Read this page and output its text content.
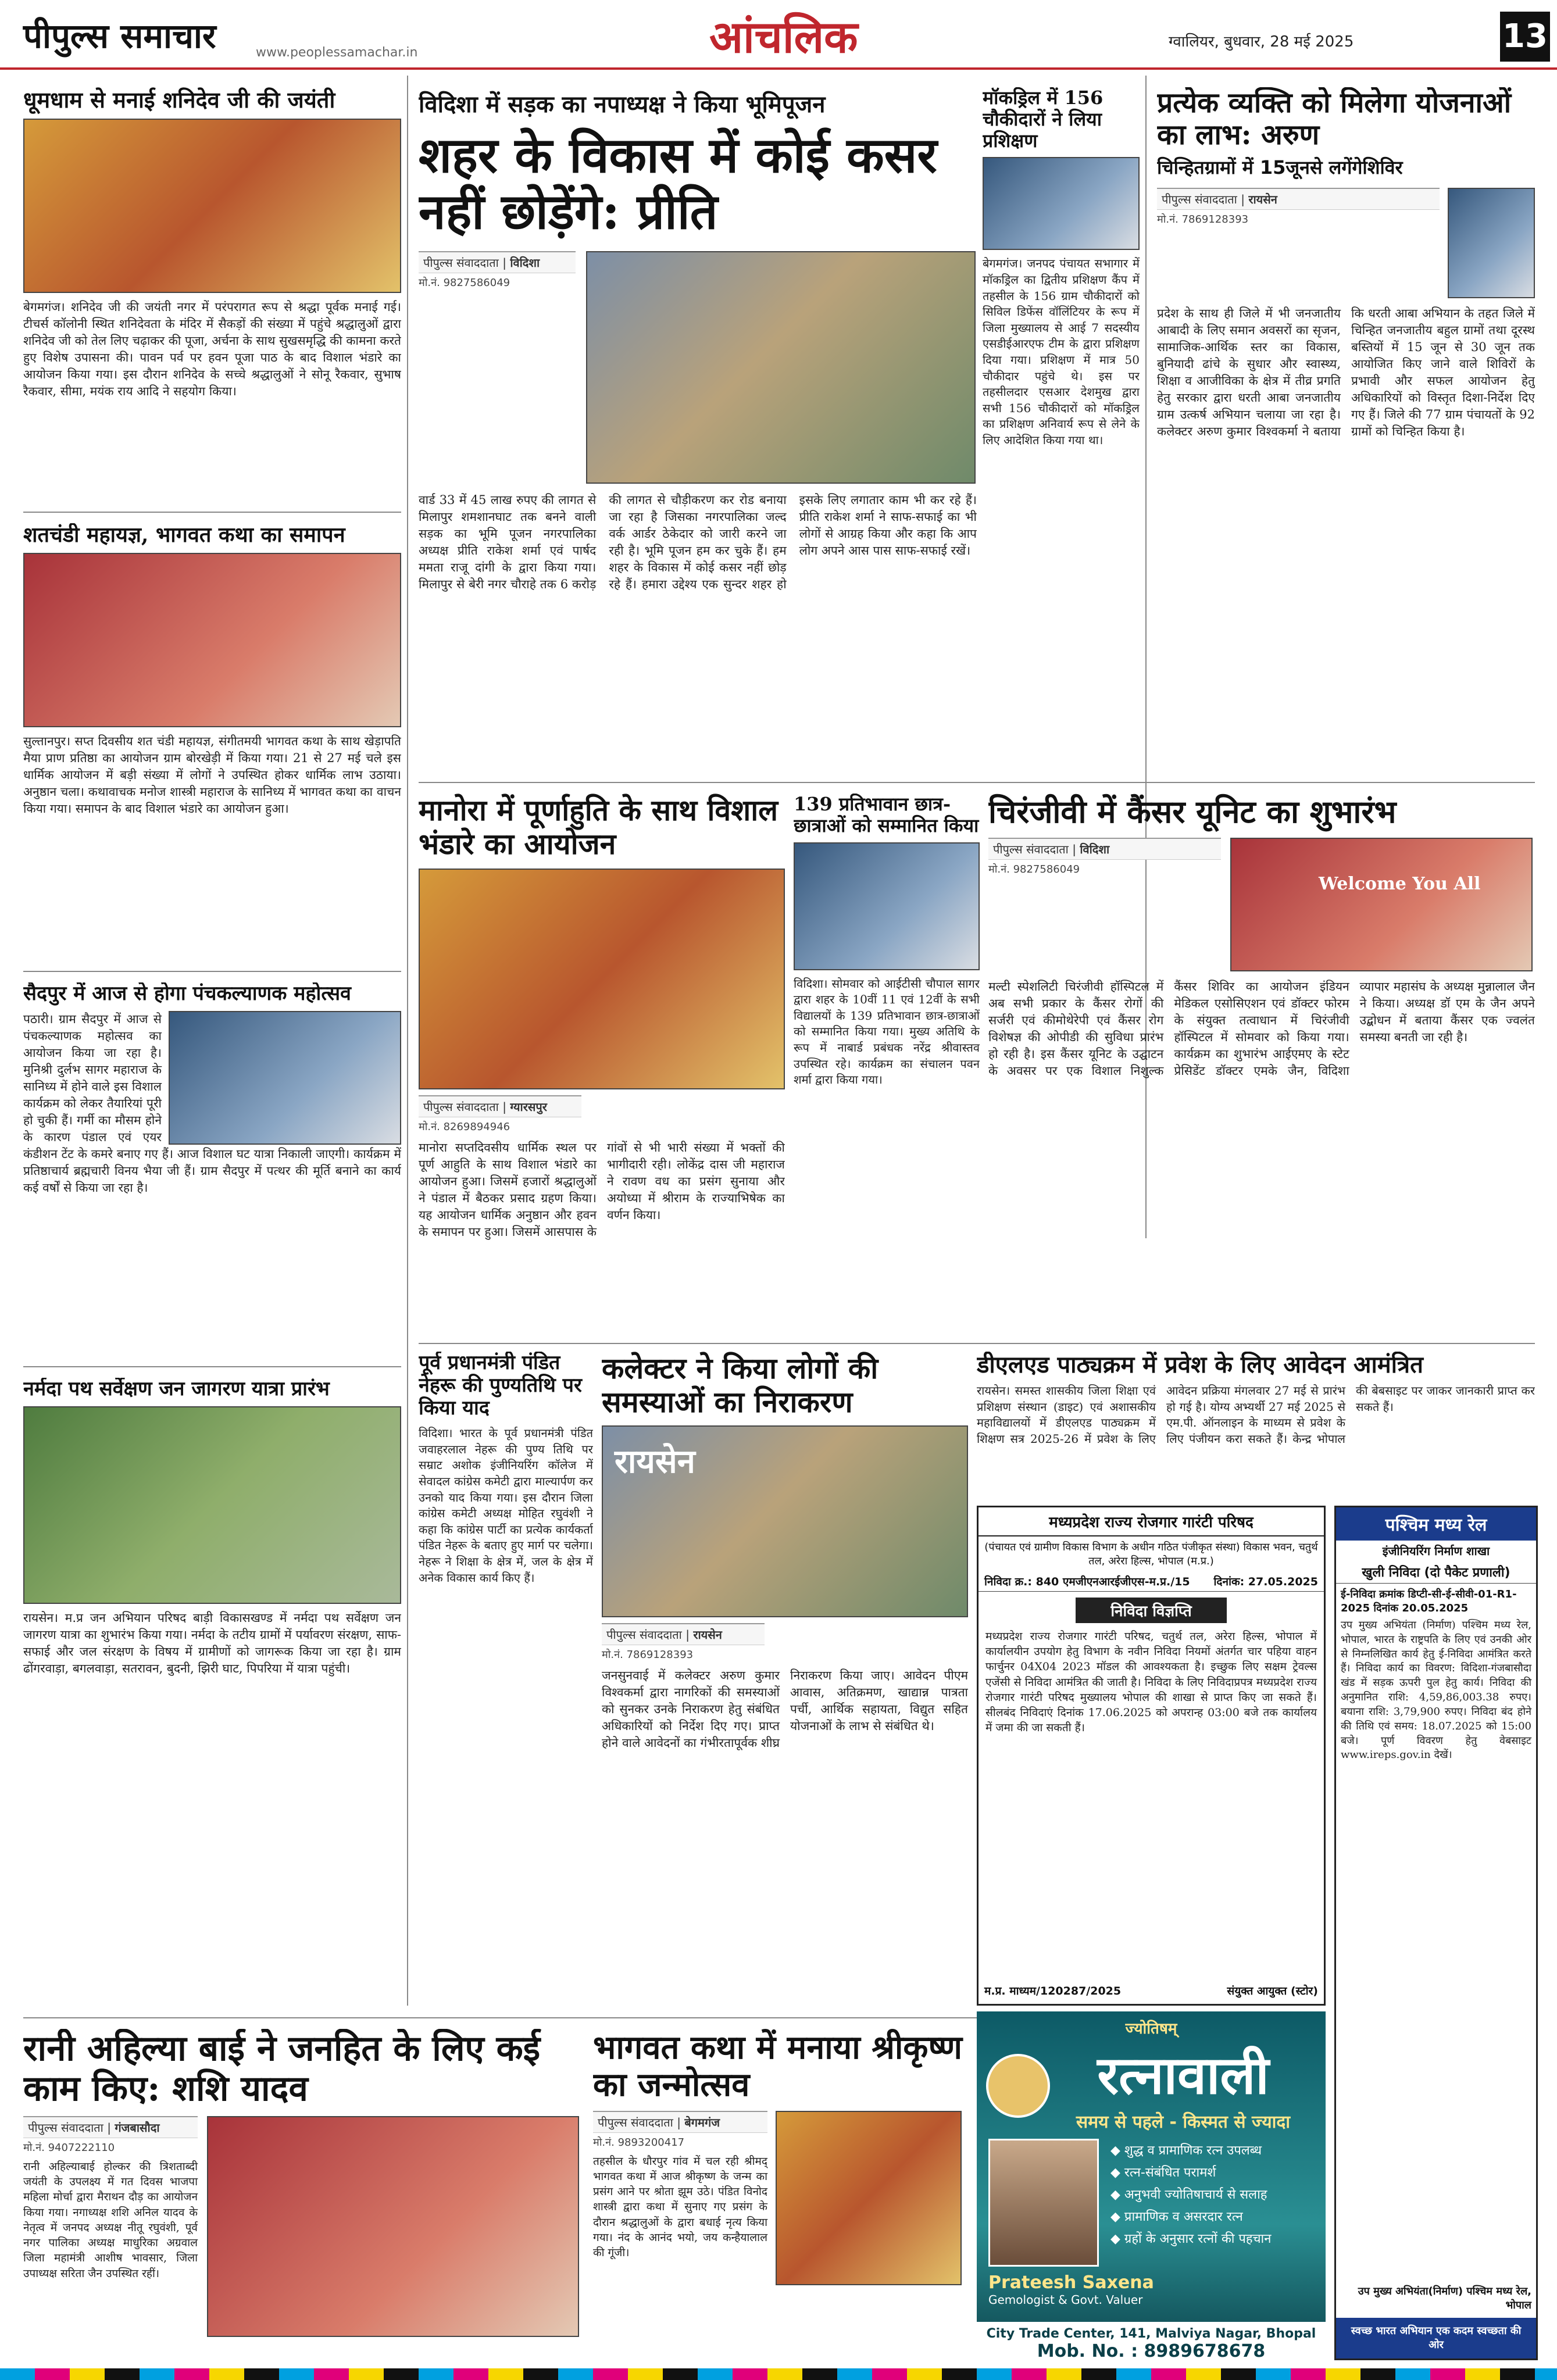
पीपुल्स समाचार	www.peoplessamachar.in	आंचलिक	ग्वालियर, बुधवार, 28 मई 2025	13
धूमधाम से मनाई शनिदेव जी की जयंती
बेगमगंज। शनिदेव जी की जयंती नगर में परंपरागत रूप से श्रद्धा पूर्वक मनाई गई। टीचर्स कॉलोनी स्थित शनिदेवता के मंदिर में सैकड़ों की संख्या में पहुंचे श्रद्धालुओं द्वारा शनिदेव जी को तेल लिए चढ़ाकर की पूजा, अर्चना के साथ सुखसमृद्धि की कामना करते हुए विशेष उपासना की। पावन पर्व पर हवन पूजा पाठ के बाद विशाल भंडारे का आयोजन किया गया। इस दौरान शनिदेव के सच्चे श्रद्धालुओं ने सोनू रैकवार, सुभाष रैकवार, सीमा, मयंक राय आदि ने सहयोग किया।
शतचंडी महायज्ञ, भागवत कथा का समापन
सुल्तानपुर। सप्त दिवसीय शत चंडी महायज्ञ, संगीतमयी भागवत कथा के साथ खेड़ापति मैया प्राण प्रतिष्ठा का आयोजन ग्राम बोरखेड़ी में किया गया। 21 से 27 मई चले इस धार्मिक आयोजन में बड़ी संख्या में लोगों ने उपस्थित होकर धार्मिक लाभ उठाया। अनुष्ठान चला। कथावाचक मनोज शास्त्री महाराज के सानिध्य में भागवत कथा का वाचन किया गया। समापन के बाद विशाल भंडारे का आयोजन हुआ।
सैदपुर में आज से होगा पंचकल्याणक महोत्सव
पठारी। ग्राम सैदपुर में आज से पंचकल्याणक महोत्सव का आयोजन किया जा रहा है। मुनिश्री दुर्लभ सागर महाराज के सानिध्य में होने वाले इस विशाल कार्यक्रम को लेकर तैयारियां पूरी हो चुकी हैं। गर्मी का मौसम होने के कारण पंडाल एवं एयर कंडीशन टेंट के कमरे बनाए गए हैं। आज विशाल घट यात्रा निकाली जाएगी। कार्यक्रम में प्रतिष्ठाचार्य ब्रह्मचारी विनय भैया जी हैं। ग्राम सैदपुर में पत्थर की मूर्ति बनाने का कार्य कई वर्षों से किया जा रहा है।
नर्मदा पथ सर्वेक्षण जन जागरण यात्रा प्रारंभ
रायसेन। म.प्र जन अभियान परिषद बाड़ी विकासखण्ड में नर्मदा पथ सर्वेक्षण जन जागरण यात्रा का शुभारंभ किया गया। नर्मदा के तटीय ग्रामों में पर्यावरण संरक्षण, साफ-सफाई और जल संरक्षण के विषय में ग्रामीणों को जागरूक किया जा रहा है। ग्राम ढोंगरवाड़ा, बगलवाड़ा, सतरावन, बुदनी, झिरी घाट, पिपरिया में यात्रा पहुंची।
विदिशा में सड़क का नपाध्यक्ष ने किया भूमिपूजन
शहर के विकास में कोई कसर नहीं छोड़ेंगे: प्रीति
पीपुल्स संवाददाता | विदिशा
मो.नं. 9827586049
वार्ड 33 में 45 लाख रुपए की लागत से मिलापुर शमशानघाट तक बनने वाली सड़क का भूमि पूजन नगरपालिका अध्यक्ष प्रीति राकेश शर्मा एवं पार्षद ममता राजू दांगी के द्वारा किया गया। मिलापुर से बेरी नगर चौराहे तक 6 करोड़ की लागत से चौड़ीकरण कर रोड बनाया जा रहा है जिसका नगरपालिका जल्द वर्क आर्डर ठेकेदार को जारी करने जा रही है। भूमि पूजन हम कर चुके हैं। हम शहर के विकास में कोई कसर नहीं छोड़ रहे हैं। हमारा उद्देश्य एक सुन्दर शहर हो इसके लिए लगातार काम भी कर रहे हैं। प्रीति राकेश शर्मा ने साफ-सफाई का भी लोगों से आग्रह किया और कहा कि आप लोग अपने आस पास साफ-सफाई रखें।
मॉकड्रिल में 156 चौकीदारों ने लिया प्रशिक्षण
बेगमगंज। जनपद पंचायत सभागार में मॉकड्रिल का द्वितीय प्रशिक्षण कैंप में तहसील के 156 ग्राम चौकीदारों को सिविल डिफेंस वॉलिंटियर के रूप में जिला मुख्यालय से आई 7 सदस्यीय एसडीईआरएफ टीम के द्वारा प्रशिक्षण दिया गया। प्रशिक्षण में मात्र 50 चौकीदार पहुंचे थे। इस पर तहसीलदार एसआर देशमुख द्वारा सभी 156 चौकीदारों को मॉकड्रिल का प्रशिक्षण अनिवार्य रूप से लेने के लिए आदेशित किया गया था।
प्रत्येक व्यक्ति को मिलेगा योजनाओं का लाभ: अरुण
चिन्हितग्रामों में 15जूनसे लगेंगेशिविर
पीपुल्स संवाददाता | रायसेन
मो.नं. 7869128393
प्रदेश के साथ ही जिले में भी जनजातीय आबादी के लिए समान अवसरों का सृजन, सामाजिक-आर्थिक स्तर का विकास, बुनियादी ढांचे के सुधार और स्वास्थ्य, शिक्षा व आजीविका के क्षेत्र में तीव्र प्रगति हेतु सरकार द्वारा धरती आबा जनजातीय ग्राम उत्कर्ष अभियान चलाया जा रहा है। कलेक्टर अरुण कुमार विश्वकर्मा ने बताया कि धरती आबा अभियान के तहत जिले में चिन्हित जनजातीय बहुल ग्रामों तथा दूरस्थ बस्तियों में 15 जून से 30 जून तक आयोजित किए जाने वाले शिविरों के प्रभावी और सफल आयोजन हेतु अधिकारियों को विस्तृत दिशा-निर्देश दिए गए हैं। जिले की 77 ग्राम पंचायतों के 92 ग्रामों को चिन्हित किया है।
मानोरा में पूर्णाहुति के साथ विशाल भंडारे का आयोजन
पीपुल्स संवाददाता | ग्यारसपुर
मो.नं. 8269894946
मानोरा सप्तदिवसीय धार्मिक स्थल पर पूर्ण आहुति के साथ विशाल भंडारे का आयोजन हुआ। जिसमें हजारों श्रद्धालुओं ने पंडाल में बैठकर प्रसाद ग्रहण किया। यह आयोजन धार्मिक अनुष्ठान और हवन के समापन पर हुआ। जिसमें आसपास के गांवों से भी भारी संख्या में भक्तों की भागीदारी रही। लोकेंद्र दास जी महाराज ने रावण वध का प्रसंग सुनाया और अयोध्या में श्रीराम के राज्याभिषेक का वर्णन किया।
139 प्रतिभावान छात्र-छात्राओं को सम्मानित किया
विदिशा। सोमवार को आईटीसी चौपाल सागर द्वारा शहर के 10वीं 11 एवं 12वीं के सभी विद्यालयों के 139 प्रतिभावान छात्र-छात्राओं को सम्मानित किया गया। मुख्य अतिथि के रूप में नाबार्ड प्रबंधक नरेंद्र श्रीवास्तव उपस्थित रहे। कार्यक्रम का संचालन पवन शर्मा द्वारा किया गया।
चिरंजीवी में कैंसर यूनिट का शुभारंभ
पीपुल्स संवाददाता | विदिशा
मो.नं. 9827586049
Welcome You All
मल्टी स्पेशलिटी चिरंजीवी हॉस्पिटल में अब सभी प्रकार के कैंसर रोगों की सर्जरी एवं कीमोथेरेपी एवं कैंसर रोग विशेषज्ञ की ओपीडी की सुविधा प्रारंभ हो रही है। इस कैंसर यूनिट के उद्घाटन के अवसर पर एक विशाल निशुल्क कैंसर शिविर का आयोजन इंडियन मेडिकल एसोसिएशन एवं डॉक्टर फोरम के संयुक्त तत्वाधान में चिरंजीवी हॉस्पिटल में सोमवार को किया गया। कार्यक्रम का शुभारंभ आईएमए के स्टेट प्रेसिडेंट डॉक्टर एमके जैन, विदिशा व्यापार महासंघ के अध्यक्ष मुन्नालाल जैन ने किया। अध्यक्ष डॉ एम के जैन अपने उद्बोधन में बताया कैंसर एक ज्वलंत समस्या बनती जा रही है।
पूर्व प्रधानमंत्री पंडित नेहरू की पुण्यतिथि पर किया याद
विदिशा। भारत के पूर्व प्रधानमंत्री पंडित जवाहरलाल नेहरू की पुण्य तिथि पर सम्राट अशोक इंजीनियरिंग कॉलेज में सेवादल कांग्रेस कमेटी द्वारा माल्यार्पण कर उनको याद किया गया। इस दौरान जिला कांग्रेस कमेटी अध्यक्ष मोहित रघुवंशी ने कहा कि कांग्रेस पार्टी का प्रत्येक कार्यकर्ता पंडित नेहरू के बताए हुए मार्ग पर चलेगा। नेहरू ने शिक्षा के क्षेत्र में, जल के क्षेत्र में अनेक विकास कार्य किए हैं।
कलेक्टर ने किया लोगों की समस्याओं का निराकरण
रायसेन
पीपुल्स संवाददाता | रायसेन
मो.नं. 7869128393
जनसुनवाई में कलेक्टर अरुण कुमार विश्वकर्मा द्वारा नागरिकों की समस्याओं को सुनकर उनके निराकरण हेतु संबंधित अधिकारियों को निर्देश दिए गए। प्राप्त होने वाले आवेदनों का गंभीरतापूर्वक शीघ्र निराकरण किया जाए। आवेदन पीएम आवास, अतिक्रमण, खाद्यान्न पात्रता पर्ची, आर्थिक सहायता, विद्युत सहित योजनाओं के लाभ से संबंधित थे।
डीएलएड पाठ्यक्रम में प्रवेश के लिए आवेदन आमंत्रित
रायसेन। समस्त शासकीय जिला शिक्षा एवं प्रशिक्षण संस्थान (डाइट) एवं अशासकीय महाविद्यालयों में डीएलएड पाठ्यक्रम में शिक्षण सत्र 2025-26 में प्रवेश के लिए आवेदन प्रक्रिया मंगलवार 27 मई से प्रारंभ हो गई है। योग्य अभ्यर्थी 27 मई 2025 से एम.पी. ऑनलाइन के माध्यम से प्रवेश के लिए पंजीयन करा सकते हैं। केन्द्र भोपाल की बेबसाइट पर जाकर जानकारी प्राप्त कर सकते हैं।
मध्यप्रदेश राज्य रोजगार गारंटी परिषद
(पंचायत एवं ग्रामीण विकास विभाग के अधीन गठित पंजीकृत संस्था) विकास भवन, चतुर्थ तल, अरेरा हिल्स, भोपाल (म.प्र.)
निविदा क्र.: 840 एमजीएनआरईजीएस-म.प्र./15 दिनांक: 27.05.2025
निविदा विज्ञप्ति
मध्यप्रदेश राज्य रोजगार गारंटी परिषद, चतुर्थ तल, अरेरा हिल्स, भोपाल में कार्यालयीन उपयोग हेतु विभाग के नवीन निविदा नियमों अंतर्गत चार पहिया वाहन फार्चुनर 04X04 2023 मॉडल की आवश्यकता है। इच्छुक लिए सक्षम ट्रेवल्स एजेंसी से निविदा आमंत्रित की जाती है। निविदा के लिए निविदाप्रपत्र मध्यप्रदेश राज्य रोजगार गारंटी परिषद मुख्यालय भोपाल की शाखा से प्राप्त किए जा सकते हैं। सीलबंद निविदाएं दिनांक 17.06.2025 को अपरान्ह 03:00 बजे तक कार्यालय में जमा की जा सकती हैं।
म.प्र. माध्यम/120287/2025	संयुक्त आयुक्त (स्टोर)
पश्चिम मध्य रेल
इंजीनियरिंग निर्माण शाखा
खुली निविदा (दो पैकेट प्रणाली)
ई-निविदा क्रमांक डिप्टी-सी-ई-सीवी-01-R1-2025 दिनांक 20.05.2025
उप मुख्य अभियंता (निर्माण) पश्चिम मध्य रेल, भोपाल, भारत के राष्ट्रपति के लिए एवं उनकी ओर से निम्नलिखित कार्य हेतु ई-निविदा आमंत्रित करते हैं। निविदा कार्य का विवरण: विदिशा-गंजबासौदा खंड में सड़क ऊपरी पुल हेतु कार्य। निविदा की अनुमानित राशि: 4,59,86,003.38 रुपए। बयाना राशि: 3,79,900 रुपए। निविदा बंद होने की तिथि एवं समय: 18.07.2025 को 15:00 बजे। पूर्ण विवरण हेतु वेबसाइट www.ireps.gov.in देखें।
उप मुख्य अभियंता(निर्माण) पश्चिम मध्य रेल, भोपाल
स्वच्छ भारत अभियान एक कदम स्वच्छता की ओर
रानी अहिल्या बाई ने जनहित के लिए कई काम किए: शशि यादव
पीपुल्स संवाददाता | गंजबासौदा
मो.नं. 9407222110
रानी अहिल्याबाई होल्कर की त्रिशताब्दी जयंती के उपलक्ष्य में गत दिवस भाजपा महिला मोर्चा द्वारा मैराथन दौड़ का आयोजन किया गया। नगाध्यक्ष शशि अनिल यादव के नेतृत्व में जनपद अध्यक्ष नीतू रघुवंशी, पूर्व नगर पालिका अध्यक्ष माधुरिका अग्रवाल जिला महामंत्री आशीष भावसार, जिला उपाध्यक्ष सरिता जैन उपस्थित रहीं।
भागवत कथा में मनाया श्रीकृष्ण का जन्मोत्सव
पीपुल्स संवाददाता | बेगमगंज
मो.नं. 9893200417
तहसील के धौरपुर गांव में चल रही श्रीमद् भागवत कथा में आज श्रीकृष्ण के जन्म का प्रसंग आने पर श्रोता झूम उठे। पंडित विनोद शास्त्री द्वारा कथा में सुनाए गए प्रसंग के दौरान श्रद्धालुओं के द्वारा बधाई नृत्य किया गया। नंद के आनंद भयो, जय कन्हैयालाल की गूंजी।
ज्योतिषम्
रत्नावाली
समय से पहले - किस्मत से ज्यादा
◆ शुद्ध व प्रामाणिक रत्न उपलब्ध
◆ रत्न-संबंधित परामर्श
◆ अनुभवी ज्योतिषाचार्य से सलाह
◆ प्रामाणिक व असरदार रत्न
◆ ग्रहों के अनुसार रत्नों की पहचान
Prateesh Saxena
Gemologist & Govt. Valuer
City Trade Center, 141, Malviya Nagar, Bhopal
Mob. No. : 8989678678
